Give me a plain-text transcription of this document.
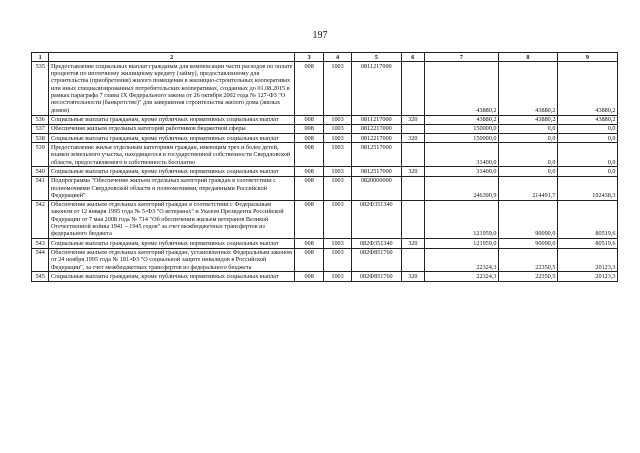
197
1	2	3	4	5	6	7	8	9
535	Предоставление социальных выплат гражданам для компенсации части расходов по оплате процентов по ипотечному жилищному кредиту (займу), предоставленному для строительства (приобретения) жилого помещения в жилищно-строительных кооперативах или иных специализированных потребительских кооперативах, созданных до 01.08.2015 в рамках параграфа 7 главы IX Федерального закона от 26 октября 2002 года № 127-ФЗ "О несостоятельности (банкротстве)" для завершения строительства жилого дома (жилых домов)	008	1003	0811217000		43880,2	43880,2	43880,2
536	Социальные выплаты гражданам, кроме публичных нормативных социальных выплат	008	1003	0811217000	320	43880,2	43880,2	43880,2
537	Обеспечение жильем отдельных категорий работников бюджетной сферы	008	1003	0812217000		150000,0	0,0	0,0
538	Социальные выплаты гражданам, кроме публичных нормативных социальных выплат	008	1003	0812217000	320	150000,0	0,0	0,0
539	Предоставление жилья отдельным категориям граждан, имеющим трех и более детей, взамен земельного участка, находящегося в государственной собственности Свердловской области, предоставляемого в собственность бесплатно	008	1003	0812517000		31400,0	0,0	0,0
540	Социальные выплаты гражданам, кроме публичных нормативных социальных выплат	008	1003	0812517000	320	31400,0	0,0	0,0
541	Подпрограмма "Обеспечение жильем отдельных категорий граждан в соответствии с полномочиями Свердловской области и полномочиями, переданными Российской Федерацией"	008	1003	0820000000		246390,9	214491,7	192438,3
542	Обеспечение жильем отдельных категорий граждан в соответствии с Федеральным законом от 12 января 1995 года № 5-ФЗ "О ветеранах" и Указом Президента Российской Федерации от 7 мая 2008 года № 714 "Об обеспечении жильем ветеранов Великой Отечественной войны 1941 – 1945 годов" за счет межбюджетных трансфертов из федерального бюджета	008	1003	082Ф351340		121959,0	90090,0	80519,6
543	Социальные выплаты гражданам, кроме публичных нормативных социальных выплат	008	1003	082Ф351340	320	121959,0	90090,0	80519,6
544	Обеспечение жильем отдельных категорий граждан, установленных Федеральным законом от 24 ноября 1995 года № 181-ФЗ "О социальной защите инвалидов в Российской Федерации", за счет межбюджетных трансфертов из федерального бюджета	008	1003	082Ф851760		22324,3	22350,5	20123,3
545	Социальные выплаты гражданам, кроме публичных нормативных социальных выплат	008	1003	082Ф851760	320	22324,3	22350,5	20123,3
